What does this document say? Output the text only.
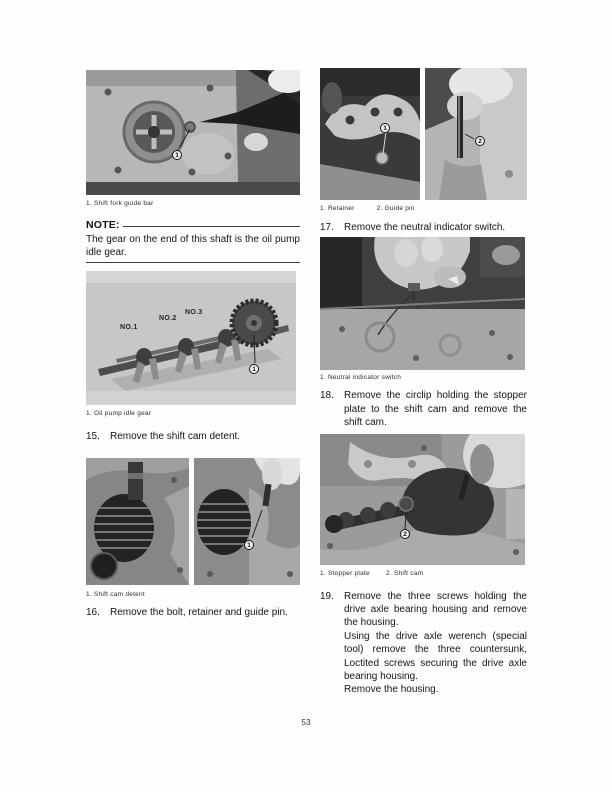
1
1. Shift fork guide bar
NOTE:

The gear on the end of this shaft is the oil pump idle gear.

NO.1
NO.2
NO.3
1
1. Oil pump idle gear
15.	Remove the shift cam detent.
1
1. Shift cam detent
16.	Remove the bolt, retainer and guide pin.
1
2
1. Retainer	2. Guide pin
17.	Remove the neutral indicator switch.
1. Neutral indicator switch
18.	Remove the circlip holding the stopper plate to the shift cam and remove the shift cam.
2
1. Stopper plate 2. Shift cam
19.	Remove the three screws holding the drive axle bearing housing and remove the housing.

Using the drive axle werench (special tool) remove the three countersunk, Loctited screws securing the drive axle bearing housing.

Remove the housing.

53
